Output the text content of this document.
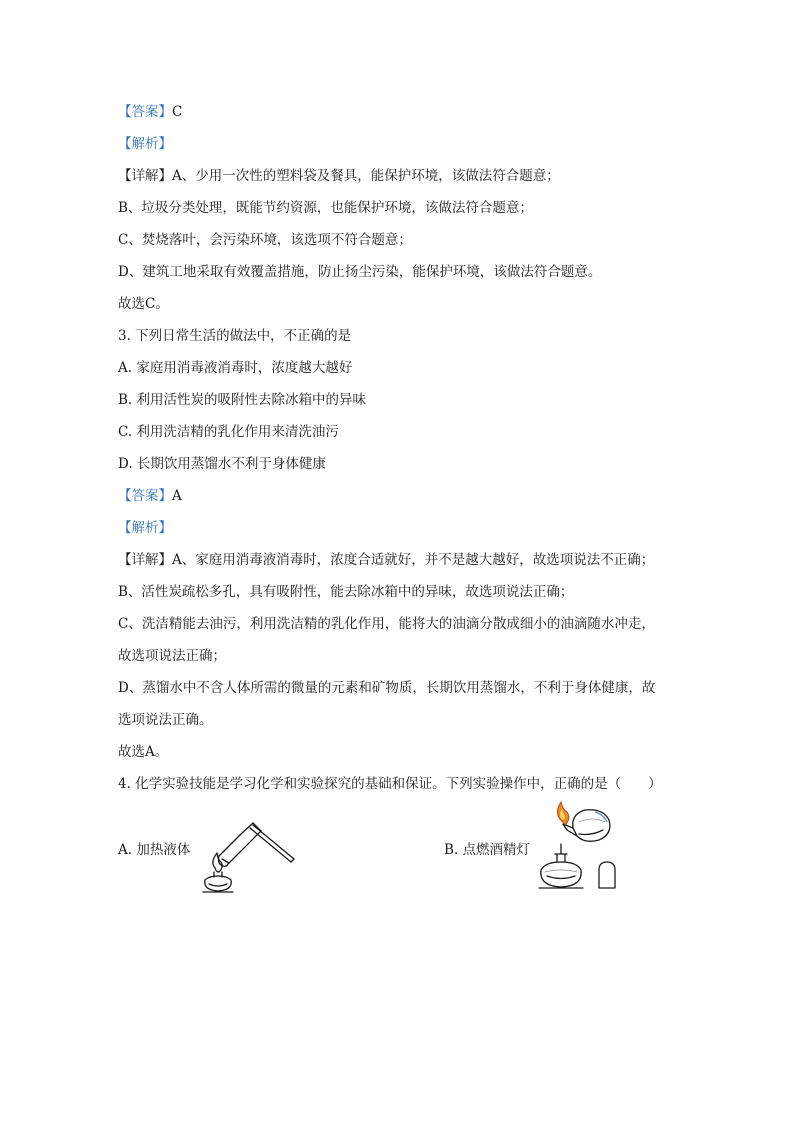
【答案】C
【解析】
【详解】A、少用一次性的塑料袋及餐具，能保护环境，该做法符合题意；
B、垃圾分类处理，既能节约资源，也能保护环境，该做法符合题意；
C、焚烧落叶，会污染环境，该选项不符合题意；
D、建筑工地采取有效覆盖措施，防止扬尘污染，能保护环境，该做法符合题意。
故选C。
3. 下列日常生活的做法中，不正确的是
A. 家庭用消毒液消毒时，浓度越大越好
B. 利用活性炭的吸附性去除冰箱中的异味
C. 利用洗洁精的乳化作用来清洗油污
D. 长期饮用蒸馏水不利于身体健康
【答案】A
【解析】
【详解】A、家庭用消毒液消毒时，浓度合适就好，并不是越大越好，故选项说法不正确；
B、活性炭疏松多孔，具有吸附性，能去除冰箱中的异味，故选项说法正确；
C、洗洁精能去油污，利用洗洁精的乳化作用，能将大的油滴分散成细小的油滴随水冲走，
故选项说法正确；
D、蒸馏水中不含人体所需的微量的元素和矿物质，长期饮用蒸馏水，不利于身体健康，故
选项说法正确。
故选A。
4. 化学实验技能是学习化学和实验探究的基础和保证。下列实验操作中，正确的是（　　）
A. 加热液体	B. 点燃酒精灯
